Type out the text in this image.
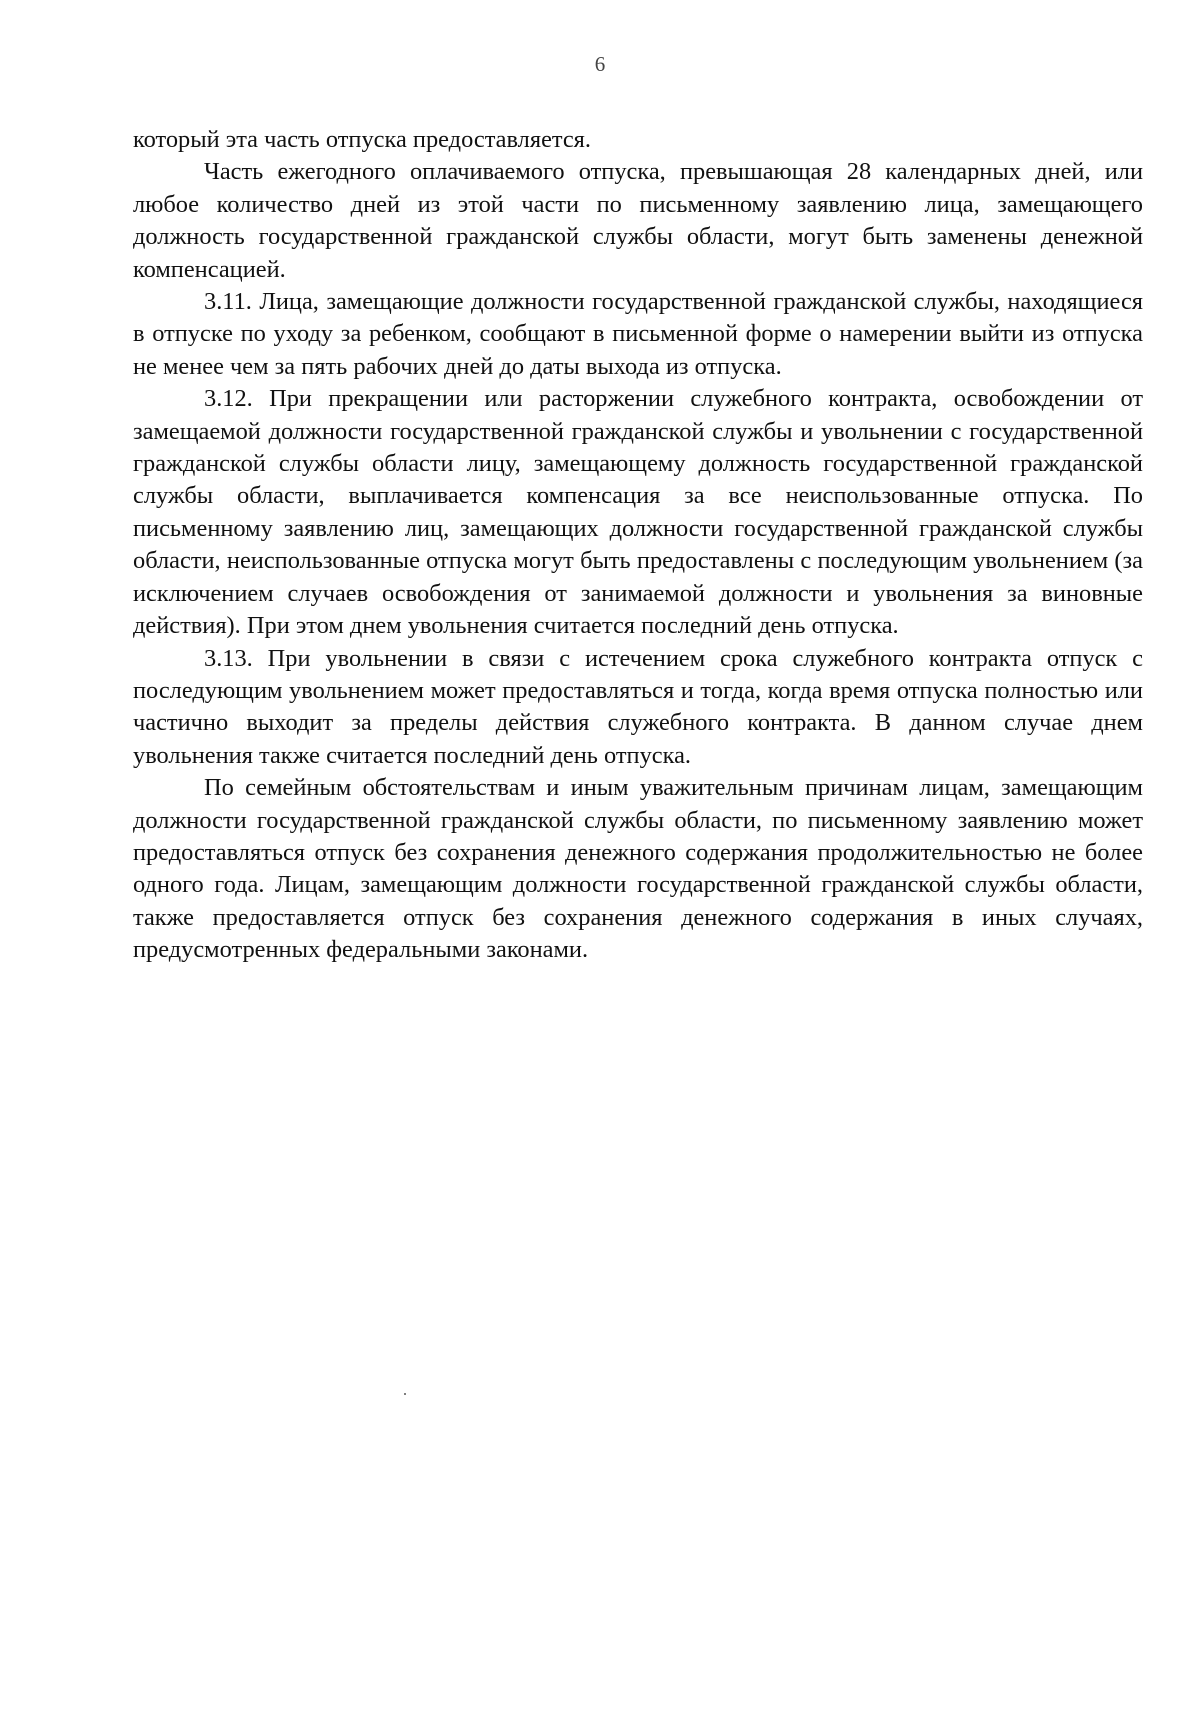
6

который эта часть отпуска предоставляется.

Часть ежегодного оплачиваемого отпуска, превышающая 28 календарных дней, или любое количество дней из этой части по письменному заявлению лица, замещающего должность государственной гражданской службы области, могут быть заменены денежной компенсацией.

3.11. Лица, замещающие должности государственной гражданской службы, находящиеся в отпуске по уходу за ребенком, сообщают в письменной форме о намерении выйти из отпуска не менее чем за пять рабочих дней до даты выхода из отпуска.

3.12. При прекращении или расторжении служебного контракта, освобождении от замещаемой должности государственной гражданской службы и увольнении с государственной гражданской службы области лицу, замещающему должность государственной гражданской службы области, выплачивается компенсация за все неиспользованные отпуска. По письменному заявлению лиц, замещающих должности государственной гражданской службы области, неиспользованные отпуска могут быть предоставлены с последующим увольнением (за исключением случаев освобождения от занимаемой должности и увольнения за виновные действия). При этом днем увольнения считается последний день отпуска.

3.13. При увольнении в связи с истечением срока служебного контракта отпуск с последующим увольнением может предоставляться и тогда, когда время отпуска полностью или частично выходит за пределы действия служебного контракта. В данном случае днем увольнения также считается последний день отпуска.

По семейным обстоятельствам и иным уважительным причинам лицам, замещающим должности государственной гражданской службы области, по письменному заявлению может предоставляться отпуск без сохранения денежного содержания продолжительностью не более одного года. Лицам, замещающим должности государственной гражданской службы области, также предоставляется отпуск без сохранения денежного содержания в иных случаях, предусмотренных федеральными законами.
